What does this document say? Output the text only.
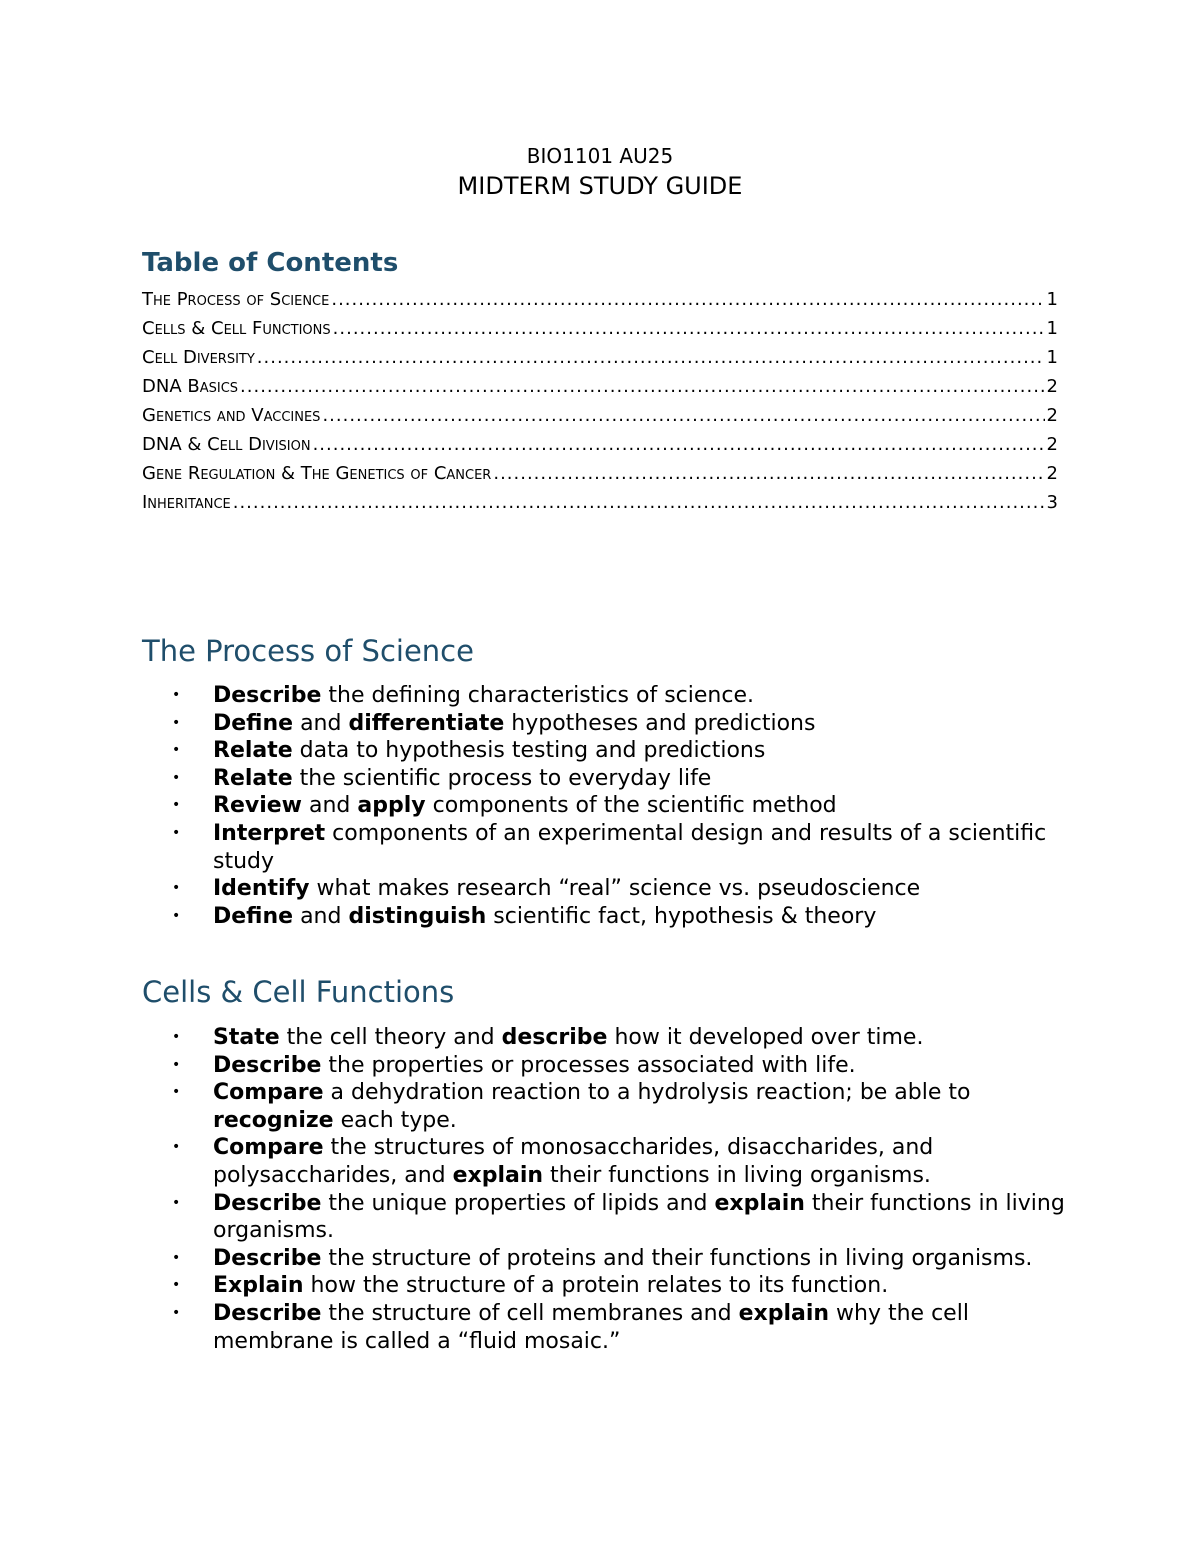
BIO1101 AU25
MIDTERM STUDY GUIDE
Table of Contents
The Process of Science .....	1
Cells & Cell Functions .....	1
Cell Diversity .....	1
DNA Basics .....	2
Genetics and Vaccines .....	2
DNA & Cell Division .....	2
Gene Regulation & The Genetics of Cancer .....	2
Inheritance .....	3
The Process of Science
• Describe the defining characteristics of science.
• Define and differentiate hypotheses and predictions
• Relate data to hypothesis testing and predictions
• Relate the scientific process to everyday life
• Review and apply components of the scientific method
• Interpret components of an experimental design and results of a scientific study
• Identify what makes research “real” science vs. pseudoscience
• Define and distinguish scientific fact, hypothesis & theory
Cells & Cell Functions
• State the cell theory and describe how it developed over time.
• Describe the properties or processes associated with life.
• Compare a dehydration reaction to a hydrolysis reaction; be able to recognize each type.
• Compare the structures of monosaccharides, disaccharides, and polysaccharides, and explain their functions in living organisms.
• Describe the unique properties of lipids and explain their functions in living organisms.
• Describe the structure of proteins and their functions in living organisms.
• Explain how the structure of a protein relates to its function.
• Describe the structure of cell membranes and explain why the cell membrane is called a “fluid mosaic.”
